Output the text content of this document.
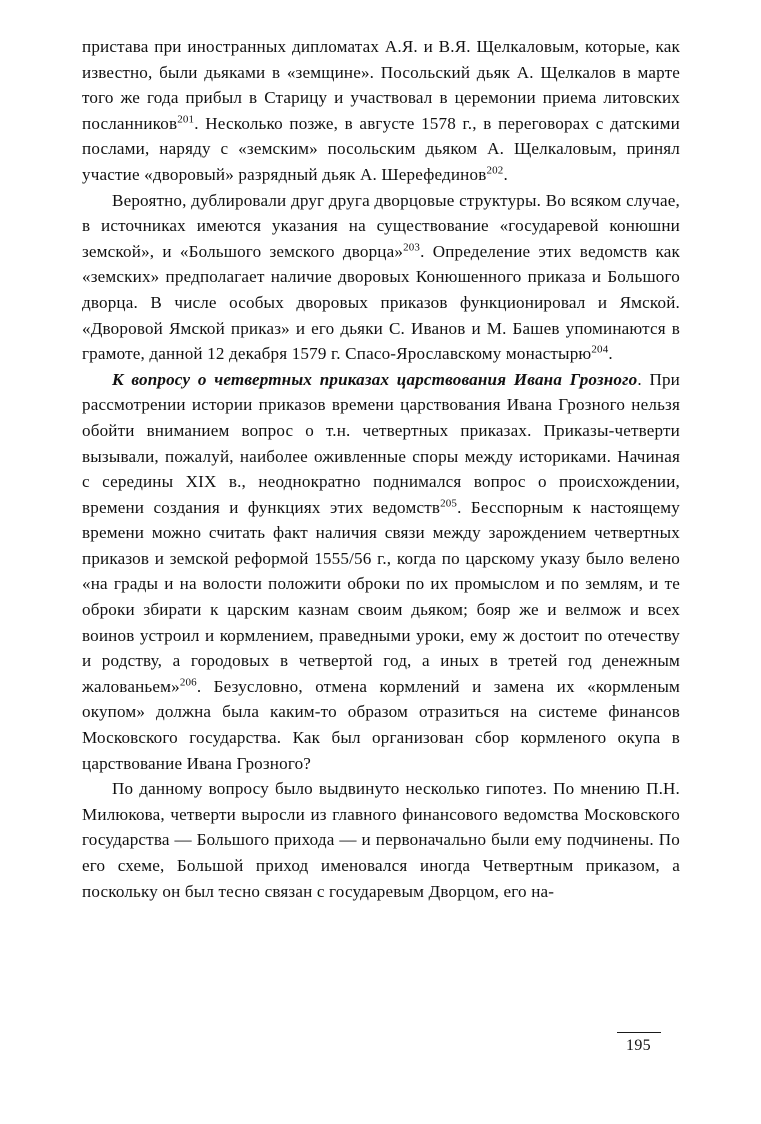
пристава при иностранных дипломатах А.Я. и В.Я. Щелкаловым, которые, как известно, были дьяками в «земщине». Посольский дьяк А. Щелкалов в марте того же года прибыл в Старицу и участвовал в церемонии приема литовских посланников$^{201}$. Несколько позже, в августе 1578 г., в переговорах с датскими послами, наряду с «земским» посольским дьяком А. Щелкаловым, принял участие «дворовый» разрядный дьяк А. Шерефединов$^{202}$.

Вероятно, дублировали друг друга дворцовые структуры. Во всяком случае, в источниках имеются указания на существование «государевой конюшни земской», и «Большого земского дворца»$^{203}$. Определение этих ведомств как «земских» предполагает наличие дворовых Конюшенного приказа и Большого дворца. В числе особых дворовых приказов функционировал и Ямской. «Дворовой Ямской приказ» и его дьяки С. Иванов и М. Башев упоминаются в грамоте, данной 12 декабря 1579 г. Спасо-Ярославскому монастырю$^{204}$.

К вопросу о четвертных приказах царствования Ивана Грозного. При рассмотрении истории приказов времени царствования Ивана Грозного нельзя обойти вниманием вопрос о т.н. четвертных приказах. Приказы-четверти вызывали, пожалуй, наиболее оживленные споры между историками. Начиная с середины XIX в., неоднократно поднимался вопрос о происхождении, времени создания и функциях этих ведомств$^{205}$. Бесспорным к настоящему времени можно считать факт наличия связи между зарождением четвертных приказов и земской реформой 1555/56 г., когда по царскому указу было велено «на грады и на волости положити оброки по их промыслом и по землям, и те оброки збирати к царским казнам своим дьяком; бояр же и велмож и всех воинов устроил и кормлением, праведными уроки, ему ж достоит по отечеству и родству, а городовых в четвертой год, а иных в третей год денежным жалованьем»$^{206}$. Безусловно, отмена кормлений и замена их «кормленым окупом» должна была каким-то образом отразиться на системе финансов Московского государства. Как был организован сбор кормленого окупа в царствование Ивана Грозного?

По данному вопросу было выдвинуто несколько гипотез. По мнению П.Н. Милюкова, четверти выросли из главного финансового ведомства Московского государства — Большого прихода — и первоначально были ему подчинены. По его схеме, Большой приход именовался иногда Четвертным приказом, а поскольку он был тесно связан с государевым Дворцом, его на-

195
